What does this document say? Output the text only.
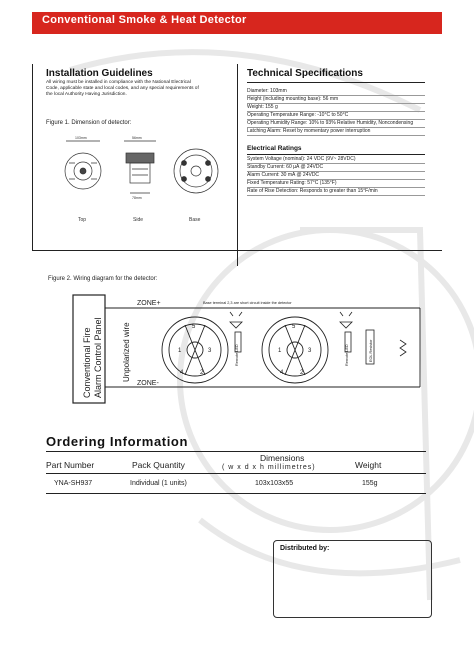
Conventional Smoke & Heat Detector
Installation Guidelines
All wiring must be installed in compliance with the National Electrical
Code, applicable state and local codes, and any special requirements of
the local Authority Having Jurisdiction.
Figure 1. Dimension of detector:
103mm	56mm
78mm
Top	Side	Base
Technical Specifications
Diameter: 103mm
Height (including mounting base): 56 mm
Weight: 155 g
Operating Temperature Range: -10°C to 50°C
Operating Humidity Range: 10% to 93% Relative Humidity, Noncondensing
Latching Alarm: Reset by momentary power interruption
Electrical Ratings
System Voltage (nominal): 24 VDC (9V~ 28VDC)
Standby Current: 60 µA @ 24VDC
Alarm Current: 30 mA @ 24VDC
Fixed Temperature Rating: 57°C (135°F)
Rate of Rise Detection: Responds to greater than 15°F/min
Figure 2. Wiring diagram for the detector:
ZONE+
ZONE-
Base terminal 2,3 are short circuit inside the detector
Remote LED	Remote LED	EOL Resistor
Conventional Fire Alarm Control Panel Unpolarized wire	5
1	3
2
4
5
1	3
2
4
Ordering Information
Part Number	Pack Quantity
Dimensions
( w x d x h millimetres)	Weight
YNA-SH937	Individual (1 units)	103x103x55	155g
Distributed by:
